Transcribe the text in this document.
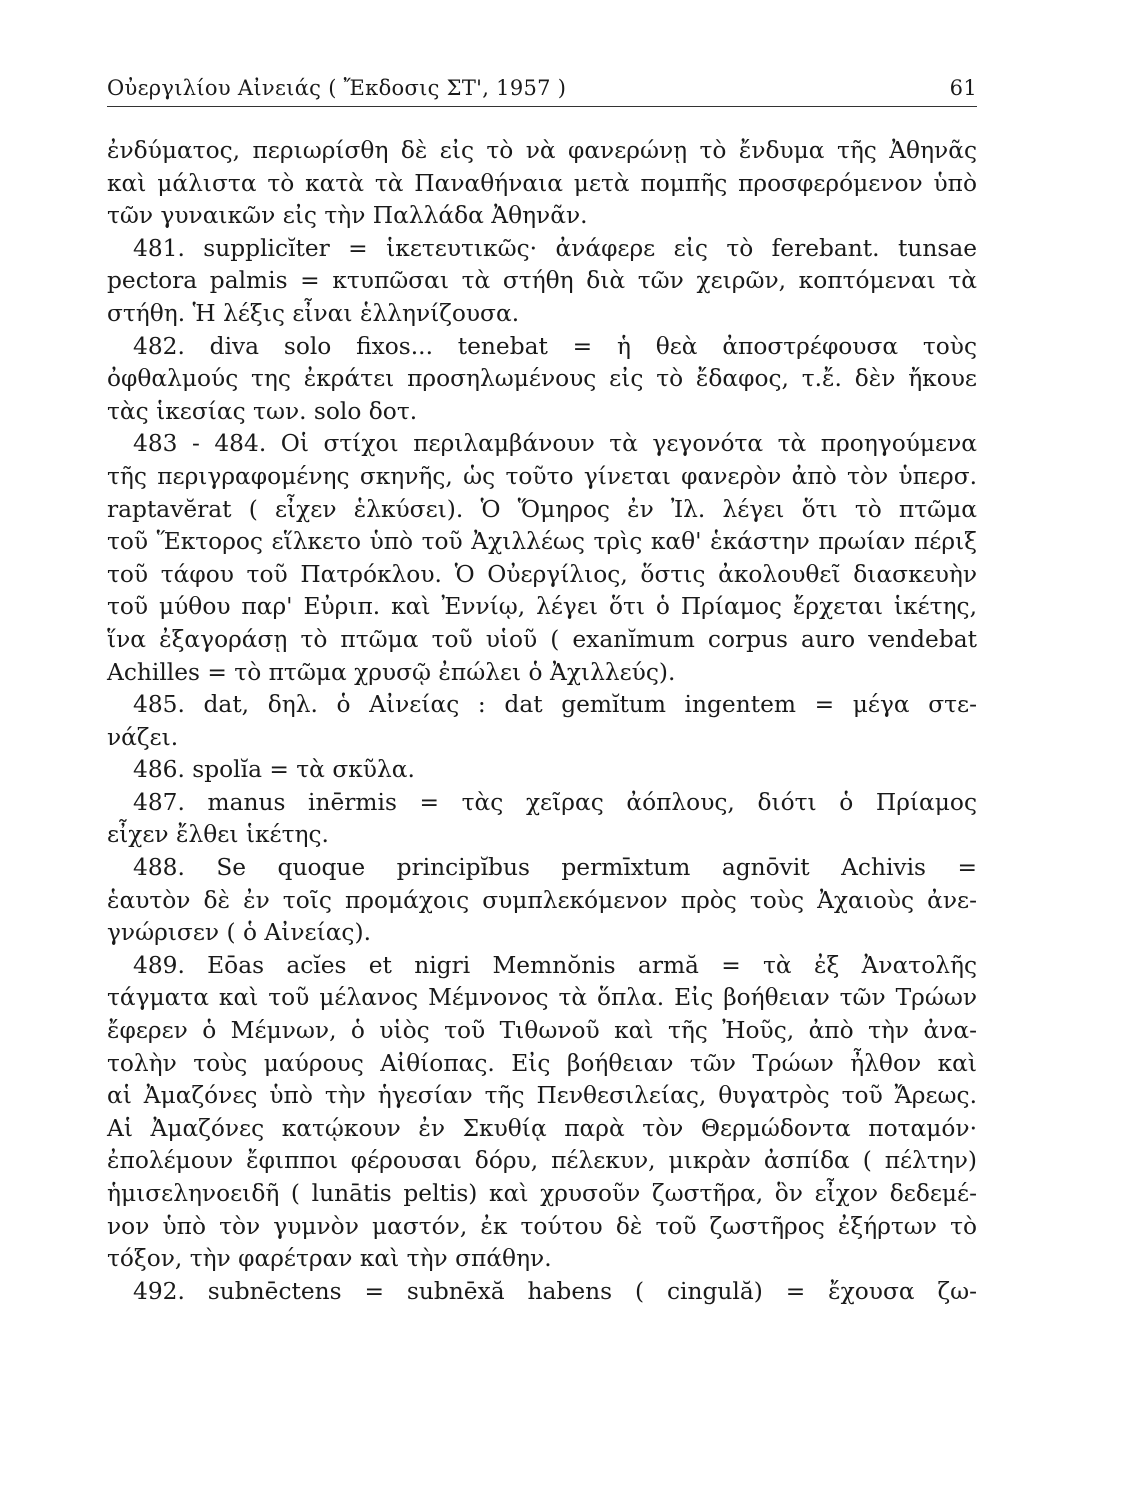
Οὐεργιλίου Αἰνειάς ( Ἔκδοσις ΣΤ', 1957 )	61
ἐνδύματος, περιωρίσθη δὲ εἰς τὸ νὰ φανερώνῃ τὸ ἔνδυμα τῆς Ἀθηνᾶς
καὶ μάλιστα τὸ κατὰ τὰ Παναθήναια μετὰ πομπῆς προσφερόμενον ὑπὸ
τῶν γυναικῶν εἰς τὴν Παλλάδα Ἀθηνᾶν.
481. supplicĭter = ἱκετευτικῶς· ἀνάφερε εἰς τὸ ferebant. tunsae
pectora palmis = κτυπῶσαι τὰ στήθη διὰ τῶν χειρῶν, κοπτόμεναι τὰ
στήθη. Ἡ λέξις εἶναι ἑλληνίζουσα.
482. diva solo fixos... tenebat = ἡ θεὰ ἀποστρέφουσα τοὺς
ὀφθαλμούς της ἐκράτει προσηλωμένους εἰς τὸ ἔδαφος, τ.ἔ. δὲν ἤκουε
τὰς ἱκεσίας των. solo δοτ.
483 - 484. Οἱ στίχοι περιλαμβάνουν τὰ γεγονότα τὰ προηγούμενα
τῆς περιγραφομένης σκηνῆς, ὡς τοῦτο γίνεται φανερὸν ἀπὸ τὸν ὑπερσ.
raptavĕrat ( εἶχεν ἑλκύσει). Ὁ Ὅμηρος ἐν Ἰλ. λέγει ὅτι τὸ πτῶμα
τοῦ Ἕκτορος εἵλκετο ὑπὸ τοῦ Ἀχιλλέως τρὶς καθ' ἑκάστην πρωίαν πέριξ
τοῦ τάφου τοῦ Πατρόκλου. Ὁ Οὐεργίλιος, ὅστις ἀκολουθεῖ διασκευὴν
τοῦ μύθου παρ' Εὐριπ. καὶ Ἐννίῳ, λέγει ὅτι ὁ Πρίαμος ἔρχεται ἱκέτης,
ἵνα ἐξαγοράσῃ τὸ πτῶμα τοῦ υἱοῦ ( exanĭmum corpus auro vendebat
Achilles = τὸ πτῶμα χρυσῷ ἐπώλει ὁ Ἀχιλλεύς).
485. dat, δηλ. ὁ Αἰνείας : dat gemĭtum ingentem = μέγα στε-
νάζει.
486. spolĭa = τὰ σκῦλα.
487. manus inērmis = τὰς χεῖρας ἀόπλους, διότι ὁ Πρίαμος
εἶχεν ἔλθει ἱκέτης.
488. Se quoque principĭbus permīxtum agnōvit Achivis =
ἑαυτὸν δὲ ἐν τοῖς προμάχοις συμπλεκόμενον πρὸς τοὺς Ἀχαιοὺς ἀνε-
γνώρισεν ( ὁ Αἰνείας).
489. Eōas acĭes et nigri Memnŏnis armă = τὰ ἐξ Ἀνατολῆς
τάγματα καὶ τοῦ μέλανος Μέμνονος τὰ ὅπλα. Εἰς βοήθειαν τῶν Τρώων
ἔφερεν ὁ Μέμνων, ὁ υἱὸς τοῦ Τιθωνοῦ καὶ τῆς Ἠοῦς, ἀπὸ τὴν ἀνα-
τολὴν τοὺς μαύρους Αἰθίοπας. Εἰς βοήθειαν τῶν Τρώων ἦλθον καὶ
αἱ Ἀμαζόνες ὑπὸ τὴν ἡγεσίαν τῆς Πενθεσιλείας, θυγατρὸς τοῦ Ἄρεως.
Αἱ Ἀμαζόνες κατῴκουν ἐν Σκυθίᾳ παρὰ τὸν Θερμώδοντα ποταμόν·
ἐπολέμουν ἔφιπποι φέρουσαι δόρυ, πέλεκυν, μικρὰν ἀσπίδα ( πέλτην)
ἡμισεληνοειδῆ ( lunātis peltis) καὶ χρυσοῦν ζωστῆρα, ὃν εἶχον δεδεμέ-
νον ὑπὸ τὸν γυμνὸν μαστόν, ἐκ τούτου δὲ τοῦ ζωστῆρος ἐξήρτων τὸ
τόξον, τὴν φαρέτραν καὶ τὴν σπάθην.
492. subnēctens = subnēxă habens ( cingulă) = ἔχουσα ζω-
